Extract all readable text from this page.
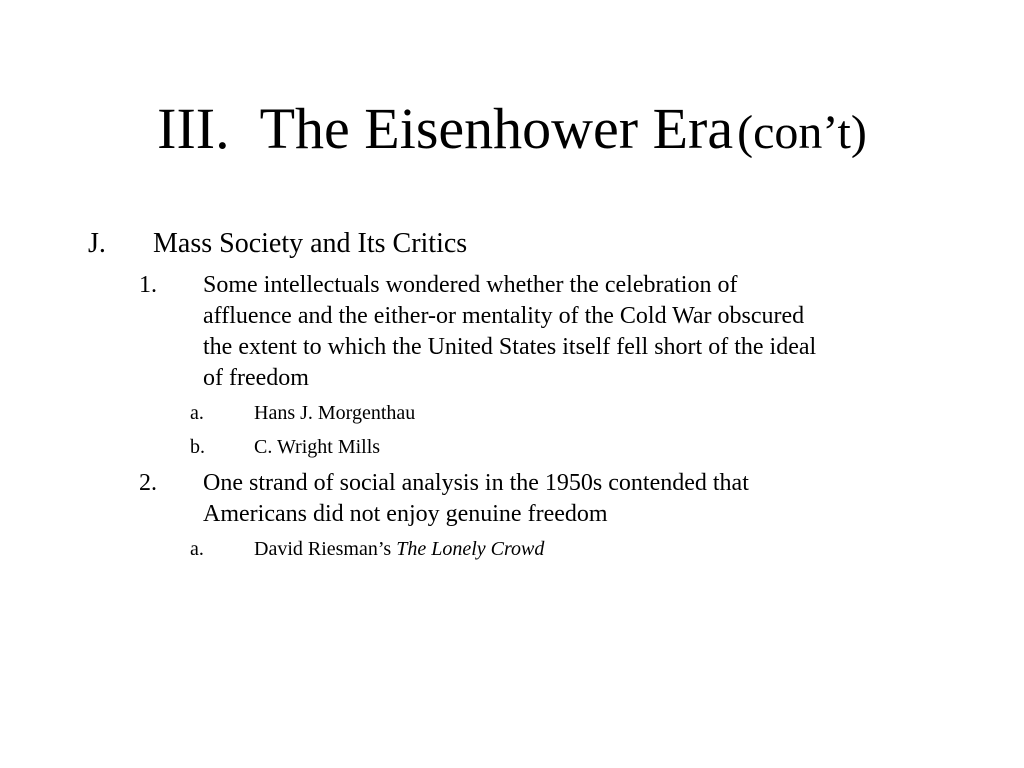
III. The Eisenhower Era (con’t)
J. Mass Society and Its Critics
1. Some intellectuals wondered whether the celebration of
affluence and the either-or mentality of the Cold War obscured
the extent to which the United States itself fell short of the ideal
of freedom
a.	Hans J. Morgenthau
b. C. Wright Mills
2. One strand of social analysis in the 1950s contended that
Americans did not enjoy genuine freedom
a.	David Riesman’s The Lonely Crowd
